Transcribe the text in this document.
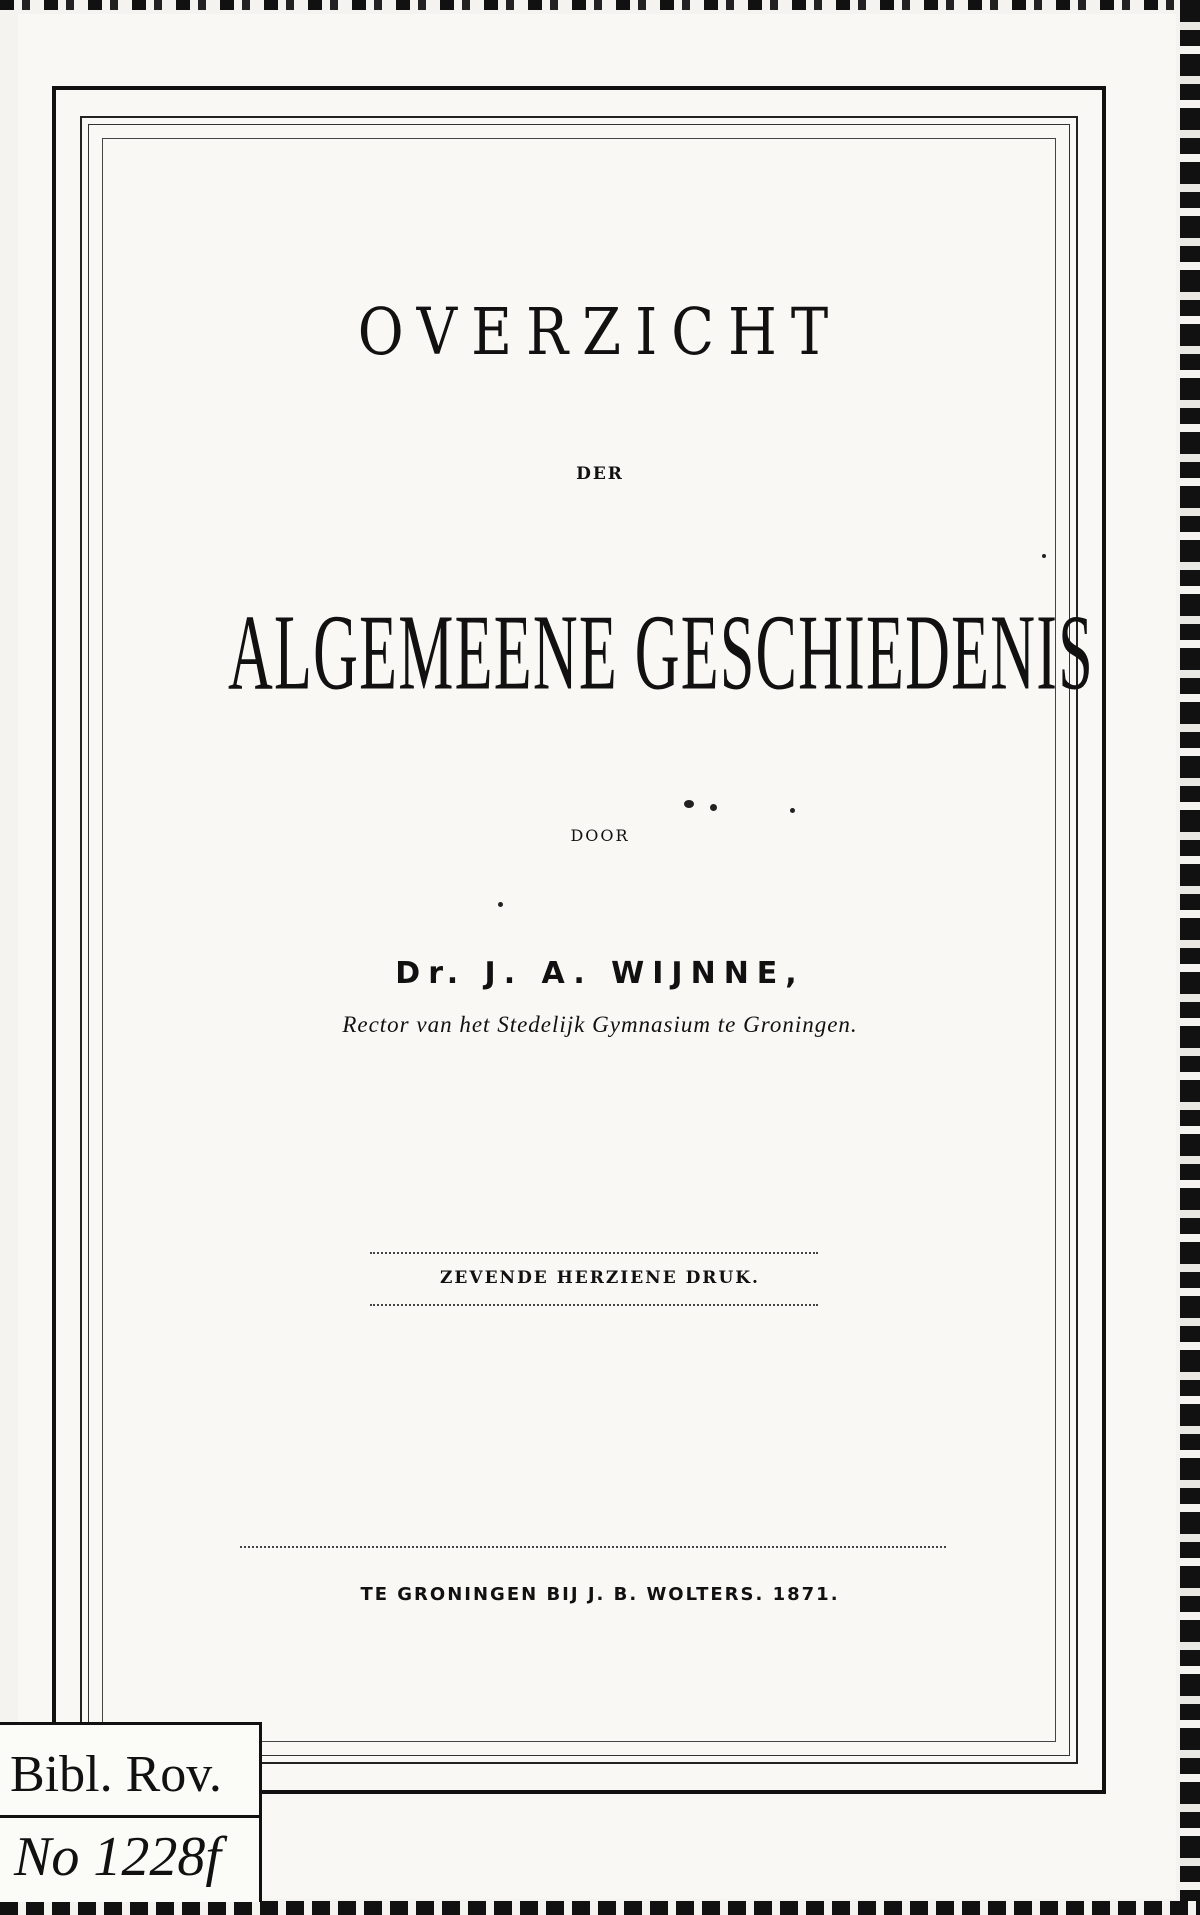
OVERZICHT
DER
ALGEMEENE GESCHIEDENIS
DOOR
Dr. J. A. WIJNNE,
Rector van het Stedelijk Gymnasium te Groningen.
ZEVENDE HERZIENE DRUK.
TE GRONINGEN BIJ J. B. WOLTERS. 1871.
Bibl. Rov.
No 1228f
